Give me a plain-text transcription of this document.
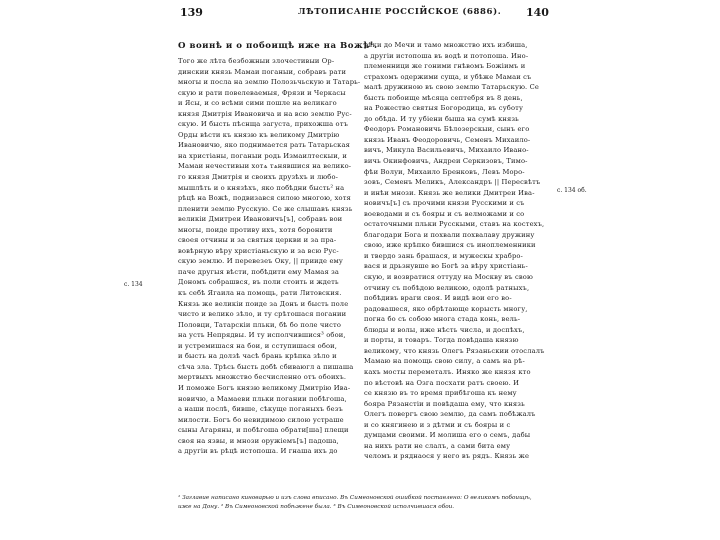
139	ЛѢТОПИСАНІЕ РОССІЙСКОЕ (6886). 140
О воинѣ и о побоищѣ иже на Вожѣ¹.
Того же лѣта безбожныи злочестивыи Ор-
динскии князь Мамаи поганыи, собравъ рати
многы и посла на землю Полозьчьскую и Татарь-
скую и рати повелеваемыя, Фрязи и Черкасы
и Ясы, и со всѣми сими пошле на великаго
князя Дмитрія Ивановича и на всю землю Рус-
скую. И бысть пѣснща загуста, прихожша отъ
Орды вѣсти къ князю къ великому Дмитрію
Ивановичю, яко поднимается рать Татарьская
на христіаны, поганыи родь Измаилтескыи, и
Мамаи нечестивыи хотѧ тѧнявшися на велико-
го князя Дмитрія и своихъ друзѣхъ и любо-
мышлѣть и о князѣхъ, яко побѣдни бысть² на
рѣцѣ на Вожѣ, подвизався силою многою, хотя
пленити землю Русскую. Се же слышавъ князь
великіи Дмитреи Ивановичъ[ъ], собравъ вои
многы, поиде противу ихъ, хотя боронити
своея отчины и за святыя церкви и за пра-
вовѣрную вѣру христіаньскую и за всю Рус-
скую землю. И перевезеъ Оку, || прииде ему
паче другыя вѣсти, побѣдити ему Мамая за
Дономъ собрашвся, въ поли стоить и ждеть
къ себѣ Ягаила на помощь, рати Литовския.
Князь же великіи поиде за Донъ и бысть поле
чисто и велико зѣло, и ту срѣтошася погании
Половци, Татарскіи пльки, бѣ бо поле чисто
на усть Непрядвы. И ту исполчившися³ обои,
и устремишася на бои, и сступишася обои,
и бысть на долзѣ часѣ брань крѣпка зѣло и
сѣча зла. Трѣсь бысть добѣ сбиваюгл а пишаша
мертвыхъ множство бесчисленно отъ обоихъ.
И поможе Богъ князю великому Дмитрію Ива-
новичю, а Мамаеви пльки погании побѣгоша,
а наши послѣ, бивше, сѣкуще поганыхъ безъ
милости. Богъ бо невидимою силою устраше
сыны Агаряны, и побѣгоша обрати[ша] плещи
своя на язвы, и мнози оружіемъ[ъ] падоша,
а другіи въ рѣцѣ истопоша. И гнаша ихъ до
рѣки до Мечи и тамо множство ихъ избиша,
а другіи истопоша въ водѣ и потопоша. Ино-
племенници же гоними гнѣвомъ Божіимъ и
страхомъ одержими суща, и убѣже Мамаи съ
малѣ дружиною въ свою землю Татарьскую. Се
бысть побоище мѣсяца септебря въ 8 день,
на Рожество святыя Богородица, въ суботу
до обѣда. И ту убіени быша на сумѣ князь
Феодоръ Романовичь Бѣлозерскыи, сынъ его
князь Иванъ Феодоровичь, Семенъ Михаило-
вичъ, Микула Васильевичь, Михаило Ивано-
вичь Окинфовичь, Андреи Серкизовъ, Тимо-
фѣи Волуи, Михаило Бренковъ, Левъ Моро-
зовъ, Семенъ Меликъ, Александръ || Пересвѣтъ
и инѣи мнози. Князь же велики Дмитреи Ива-
новичъ[ъ] съ прочими князи Русскими и съ
воеводами и съ бояры и съ велможами и со
остаточными пльки Русскыми, ставъ на костехъ,
благодари Бога и похвали похвалаву дружину
свою, иже крѣпко бившися съ иноплеменники
и твердо зань брашася, и мужескы храбро-
вася и дрьзнувше во Богѣ за вѣру христіань-
скую, и возвратися оттуду на Москву въ свою
отчину съ побѣдою великою, одолѣ ратныхъ,
побѣдивъ враги своя. И видѣ вои его во-
радовашеся, яко обрѣтающе корысть многу,
погна бо съ собою многа стада конь, вель-
блюды и волы, иже нѣсть числа, и доспѣхъ,
и порты, и товаръ. Тогда повѣдаша князю
великому, что князь Олегъ Рязаньскии отослалъ
Мамаю на помощь свою силу, а самъ на рѣ-
кахъ мосты переметалъ. Иняко же князя кто
по вѣстовѣ на Озга посхати ратъ своею. И
се князю въ то время прибѣгоша къ нему
бояра Рязанстіи и повѣдаша ему, что князь
Олегъ повергъ свою землю, да самъ побѣжалъ
и со княгинею и з дѣтми и съ бояры и с
думцами своими. И молиша его о семъ, дабы
на нихъ рати не слалъ, а сами бита ему
челомъ и ряднаося у него въ рядъ. Князь же
с. 134
с. 134 об.
¹ Заглавие написано киноварью и изъ слова вписано. Въ Симеоновской ошибкой поставлено: О великомъ побоищѣ,
иже на Дону. ² Въ Симеоновской побѣжене была. ³ Въ Симеоновской исполчившася обои.
